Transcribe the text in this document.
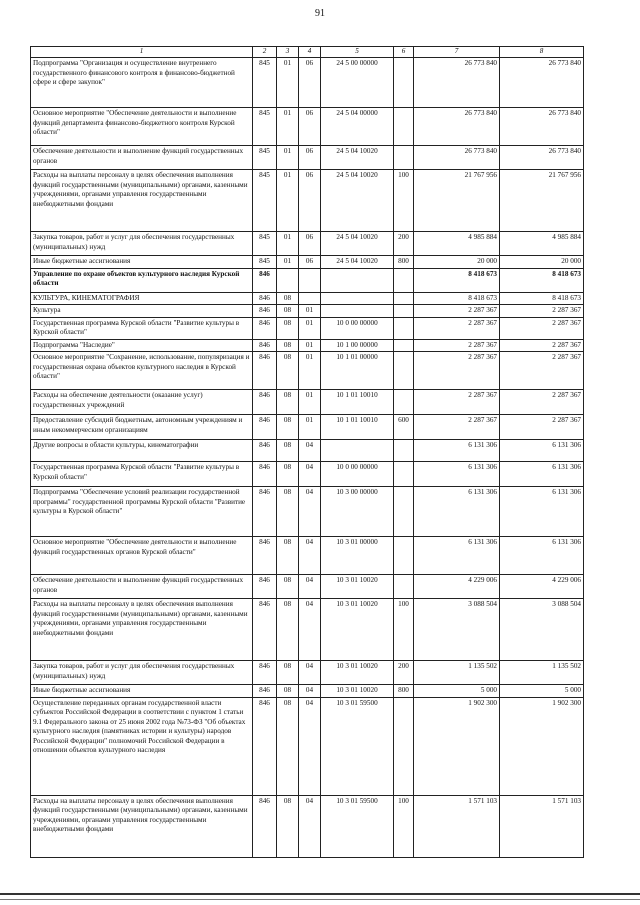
91
1	2	3	4	5	6	7	8
Подпрограмма "Организация и осуществление внутреннего государственного финансового контроля в финансово-бюджетной сфере и сфере закупок"	845	01	06	24 5 00 00000		26 773 840	26 773 840
Основное мероприятие "Обеспечение деятельности и выполнение функций департамента финансово-бюджетного контроля Курской области"	845	01	06	24 5 04 00000		26 773 840	26 773 840
Обеспечение деятельности и выполнение функций государственных органов	845	01	06	24 5 04 10020		26 773 840	26 773 840
Расходы на выплаты персоналу в целях обеспечения выполнения функций государственными (муниципальными) органами, казенными учреждениями, органами управления государственными внебюджетными фондами	845	01	06	24 5 04 10020	100	21 767 956	21 767 956
Закупка товаров, работ и услуг для обеспечения государственных (муниципальных) нужд	845	01	06	24 5 04 10020	200	4 985 884	4 985 884
Иные бюджетные ассигнования	845	01	06	24 5 04 10020	800	20 000	20 000
Управление по охране объектов культурного наследия Курской области	846					8 418 673	8 418 673
КУЛЬТУРА, КИНЕМАТОГРАФИЯ	846	08				8 418 673	8 418 673
Культура	846	08	01			2 287 367	2 287 367
Государственная программа Курской области "Развитие культуры в Курской области"	846	08	01	10 0 00 00000		2 287 367	2 287 367
Подпрограмма "Наследие"	846	08	01	10 1 00 00000		2 287 367	2 287 367
Основное мероприятие "Сохранение, использование, популяризация и государственная охрана объектов культурного наследия в Курской области"	846	08	01	10 1 01 00000		2 287 367	2 287 367
Расходы на обеспечение деятельности (оказание услуг) государственных учреждений	846	08	01	10 1 01 10010		2 287 367	2 287 367
Предоставление субсидий бюджетным, автономным учреждениям и иным некоммерческим организациям	846	08	01	10 1 01 10010	600	2 287 367	2 287 367
Другие вопросы в области культуры, кинематографии	846	08	04			6 131 306	6 131 306
Государственная программа Курской области "Развитие культуры в Курской области"	846	08	04	10 0 00 00000		6 131 306	6 131 306
Подпрограмма "Обеспечение условий реализации государственной программы" государственной программы Курской области "Развитие культуры в Курской области"	846	08	04	10 3 00 00000		6 131 306	6 131 306
Основное мероприятие "Обеспечение деятельности и выполнение функций государственных органов Курской области"	846	08	04	10 3 01 00000		6 131 306	6 131 306
Обеспечение деятельности и выполнение функций государственных органов	846	08	04	10 3 01 10020		4 229 006	4 229 006
Расходы на выплаты персоналу в целях обеспечения выполнения функций государственными (муниципальными) органами, казенными учреждениями, органами управления государственными внебюджетными фондами	846	08	04	10 3 01 10020	100	3 088 504	3 088 504
Закупка товаров, работ и услуг для обеспечения государственных (муниципальных) нужд	846	08	04	10 3 01 10020	200	1 135 502	1 135 502
Иные бюджетные ассигнования	846	08	04	10 3 01 10020	800	5 000	5 000
Осуществление переданных органам государственной власти субъектов Российской Федерации в соответствии с пунктом 1 статьи 9.1 Федерального закона от 25 июня 2002 года №73-ФЗ "Об объектах культурного наследия (памятниках истории и культуры) народов Российской Федерации" полномочий Российской Федерации в отношении объектов культурного наследия	846	08	04	10 3 01 59500		1 902 300	1 902 300
Расходы на выплаты персоналу в целях обеспечения выполнения функций государственными (муниципальными) органами, казенными учреждениями, органами управления государственными внебюджетными фондами	846	08	04	10 3 01 59500	100	1 571 103	1 571 103
